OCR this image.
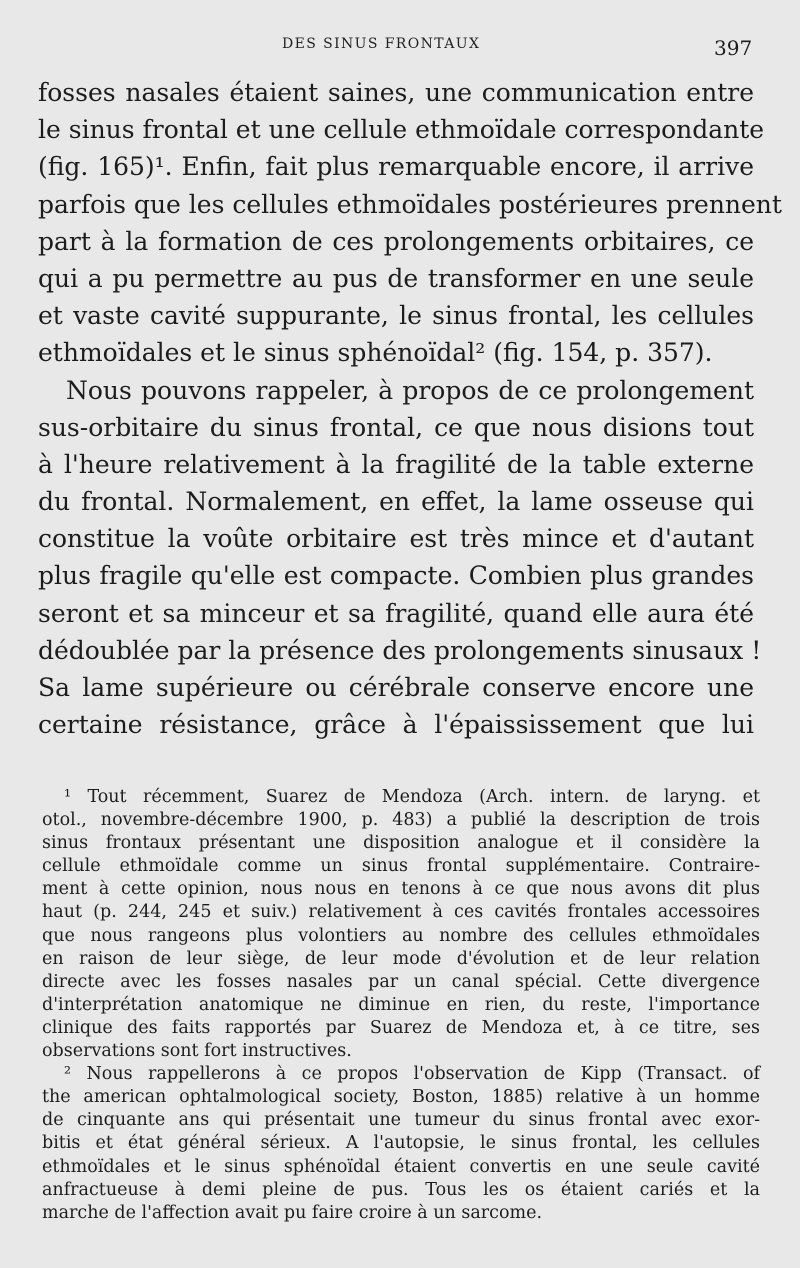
DES SINUS FRONTAUX	397
fosses nasales étaient saines, une communication entre
le sinus frontal et une cellule ethmoïdale correspondante
(fig. 165)¹. Enfin, fait plus remarquable encore, il arrive
parfois que les cellules ethmoïdales postérieures prennent
part à la formation de ces prolongements orbitaires, ce
qui a pu permettre au pus de transformer en une seule
et vaste cavité suppurante, le sinus frontal, les cellules
ethmoïdales et le sinus sphénoïdal² (fig. 154, p. 357).
Nous pouvons rappeler, à propos de ce prolongement
sus-orbitaire du sinus frontal, ce que nous disions tout
à l'heure relativement à la fragilité de la table externe
du frontal. Normalement, en effet, la lame osseuse qui
constitue la voûte orbitaire est très mince et d'autant
plus fragile qu'elle est compacte. Combien plus grandes
seront et sa minceur et sa fragilité, quand elle aura été
dédoublée par la présence des prolongements sinusaux !
Sa lame supérieure ou cérébrale conserve encore une
certaine résistance, grâce à l'épaississement que lui
¹ Tout récemment, Suarez de Mendoza (Arch. intern. de laryng. et
otol., novembre-décembre 1900, p. 483) a publié la description de trois
sinus frontaux présentant une disposition analogue et il considère la
cellule ethmoïdale comme un sinus frontal supplémentaire. Contraire-
ment à cette opinion, nous nous en tenons à ce que nous avons dit plus
haut (p. 244, 245 et suiv.) relativement à ces cavités frontales accessoires
que nous rangeons plus volontiers au nombre des cellules ethmoïdales
en raison de leur siège, de leur mode d'évolution et de leur relation
directe avec les fosses nasales par un canal spécial. Cette divergence
d'interprétation anatomique ne diminue en rien, du reste, l'importance
clinique des faits rapportés par Suarez de Mendoza et, à ce titre, ses
observations sont fort instructives.
² Nous rappellerons à ce propos l'observation de Kipp (Transact. of
the american ophtalmological society, Boston, 1885) relative à un homme
de cinquante ans qui présentait une tumeur du sinus frontal avec exor-
bitis et état général sérieux. A l'autopsie, le sinus frontal, les cellules
ethmoïdales et le sinus sphénoïdal étaient convertis en une seule cavité
anfractueuse à demi pleine de pus. Tous les os étaient cariés et la
marche de l'affection avait pu faire croire à un sarcome.
